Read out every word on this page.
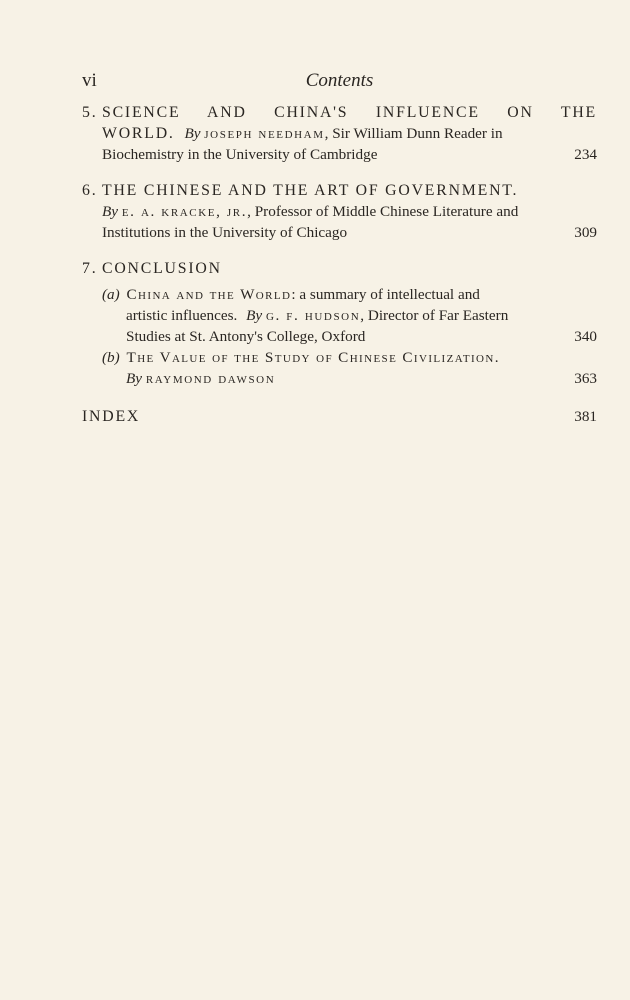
vi	Contents
5. SCIENCE AND CHINA'S INFLUENCE ON THE
WORLD. By joseph needham, Sir William Dunn Reader in
Biochemistry in the University of Cambridge	234
6. THE CHINESE AND THE ART OF GOVERNMENT.
By e. a. kracke, jr., Professor of Middle Chinese Literature and
Institutions in the University of Chicago	309
7. CONCLUSION
(a) China and the World: a summary of intellectual and
artistic influences. By g. f. hudson, Director of Far Eastern
Studies at St. Antony's College, Oxford	340
(b) The Value of the Study of Chinese Civilization.
By raymond dawson	363
INDEX	381
